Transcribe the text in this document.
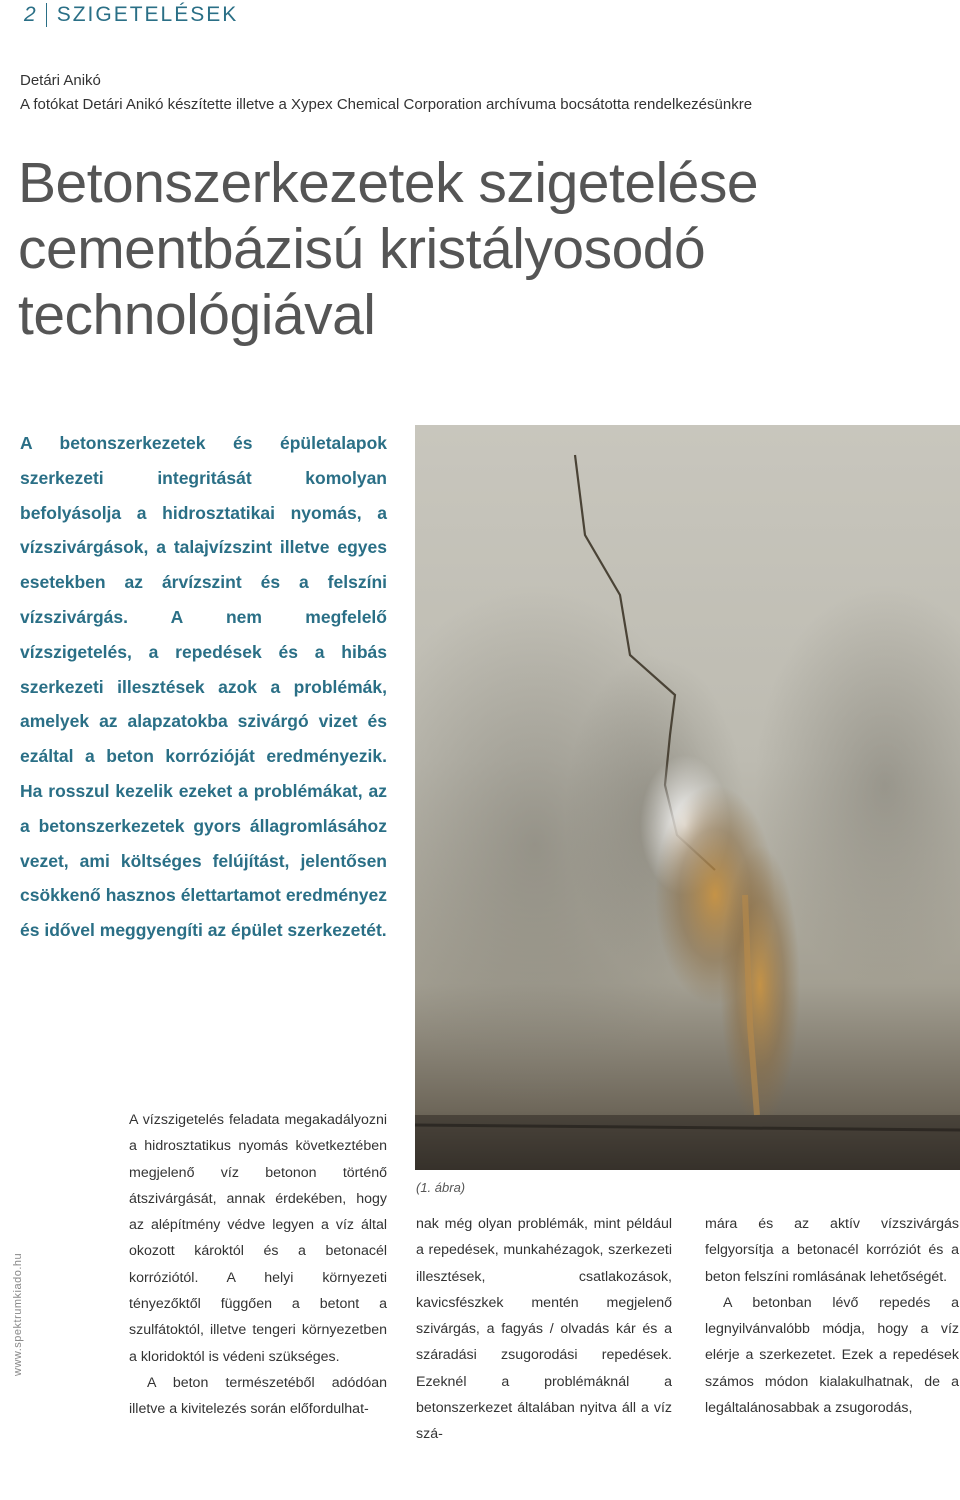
2 SZIGETELÉSEK
Detári Anikó
A fotókat Detári Anikó készítette illetve a Xypex Chemical Corporation archívuma bocsátotta rendelkezésünkre
Betonszerkezetek szigetelése
cementbázisú kristályosodó
technológiával

A betonszerkezetek és épületalapok szerkezeti integritását komolyan befolyásolja a hidrosztatikai nyomás, a vízszivárgások, a talajvízszint illetve egyes esetekben az árvízszint és a felszíni vízszivárgás. A nem megfelelő vízszigetelés, a repedések és a hibás szerkezeti illesztések azok a problémák, amelyek az alapzatokba szivárgó vizet és ezáltal a beton korrózióját eredményezik. Ha rosszul kezelik ezeket a problémákat, az a betonszerkezetek gyors állagromlásához vezet, ami költséges felújítást, jelentősen csökkenő hasznos élettartamot eredményez és idővel meggyengíti az épület szerkezetét.

(1. ábra)
www.spektrumkiado.hu

A vízszigetelés feladata megakadályozni a hidrosztatikus nyomás következtében megjelenő víz betonon történő átszivárgását, annak érdekében, hogy az alépítmény védve legyen a víz által okozott károktól és a betonacél korróziótól. A helyi környezeti tényezőktől függően a betont a szulfátoktól, illetve tengeri környezetben a kloridoktól is védeni szükséges.

A beton természetéből adódóan illetve a kivitelezés során előfordulhat-

nak még olyan problémák, mint például a repedések, munkahézagok, szerkezeti illesztések, csatlakozások, kavicsfészkek mentén megjelenő szivárgás, a fagyás / olvadás kár és a száradási zsugorodási repedések. Ezeknél a problémáknál a betonszerkezet általában nyitva áll a víz szá-

mára és az aktív vízszivárgás felgyorsítja a betonacél korróziót és a beton felszíni romlásának lehetőségét.

A betonban lévő repedés a legnyilvánvalóbb módja, hogy a víz elérje a szerkezetet. Ezek a repedések számos módon kialakulhatnak, de a legáltalánosabbak a zsugorodás,
